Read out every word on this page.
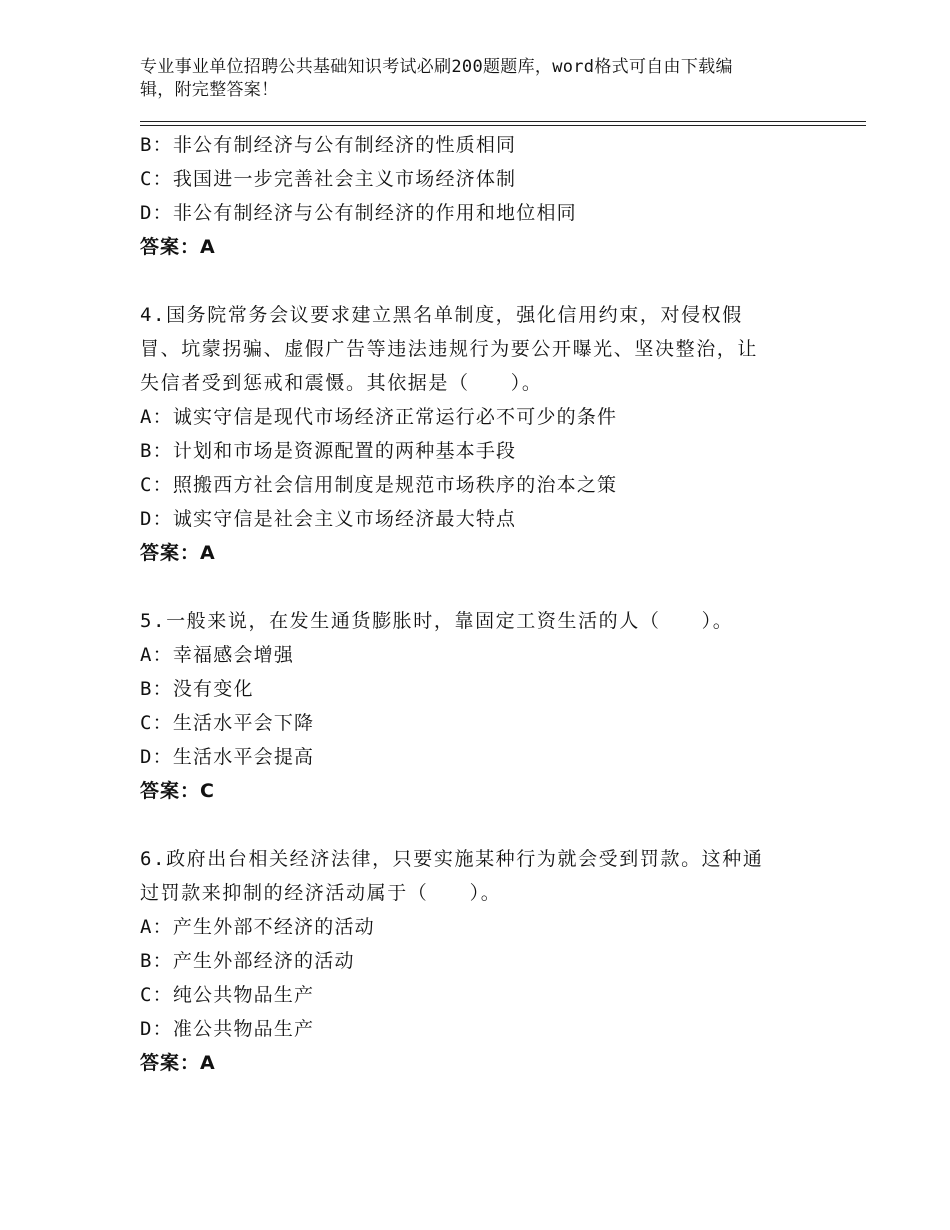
专业事业单位招聘公共基础知识考试必刷200题题库，word格式可自由下载编
辑，附完整答案！
B：非公有制经济与公有制经济的性质相同
C：我国进一步完善社会主义市场经济体制
D：非公有制经济与公有制经济的作用和地位相同
答案：A
4.国务院常务会议要求建立黑名单制度，强化信用约束，对侵权假
冒、坑蒙拐骗、虚假广告等违法违规行为要公开曝光、坚决整治，让
失信者受到惩戒和震慑。其依据是（　　）。
A：诚实守信是现代市场经济正常运行必不可少的条件
B：计划和市场是资源配置的两种基本手段
C：照搬西方社会信用制度是规范市场秩序的治本之策
D：诚实守信是社会主义市场经济最大特点
答案：A
5.一般来说，在发生通货膨胀时，靠固定工资生活的人（　　）。
A：幸福感会增强
B：没有变化
C：生活水平会下降
D：生活水平会提高
答案：C
6.政府出台相关经济法律，只要实施某种行为就会受到罚款。这种通
过罚款来抑制的经济活动属于（　　）。
A：产生外部不经济的活动
B：产生外部经济的活动
C：纯公共物品生产
D：准公共物品生产
答案：A
